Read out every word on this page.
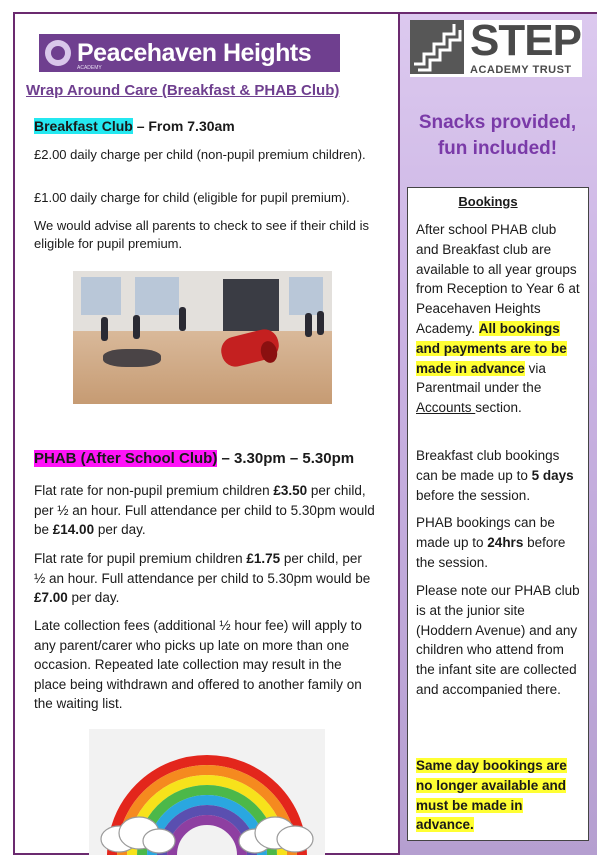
Peacehaven Heights
ACADEMY
Wrap Around Care (Breakfast & PHAB Club)
Breakfast Club – From 7.30am
£2.00 daily charge per child (non-pupil premium children).
£1.00 daily charge for child (eligible for pupil premium).
We would advise all parents to check to see if their child is eligible for pupil premium.
PHAB (After School Club) – 3.30pm – 5.30pm
Flat rate for non-pupil premium children £3.50 per child, per ½ an hour. Full attendance per child to 5.30pm would be £14.00 per day.
Flat rate for pupil premium children £1.75 per child, per ½ an hour. Full attendance per child to 5.30pm would be £7.00 per day.
Late collection fees (additional ½ hour fee) will apply to any parent/carer who picks up late on more than one occasion. Repeated late collection may result in the place being withdrawn and offered to another family on the waiting list.
STEP
ACADEMY TRUST
Snacks provided, fun included!
Bookings
After school PHAB club and Breakfast club are available to all year groups from Reception to Year 6 at Peacehaven Heights Academy. All bookings and payments are to be made in advance via Parentmail under the Accounts section.
Breakfast club bookings can be made up to 5 days before the session.
PHAB bookings can be made up to 24hrs before the session.
Please note our PHAB club is at the junior site (Hoddern Avenue) and any children who attend from the infant site are collected and accompanied there.
Same day bookings are no longer available and must be made in advance.
